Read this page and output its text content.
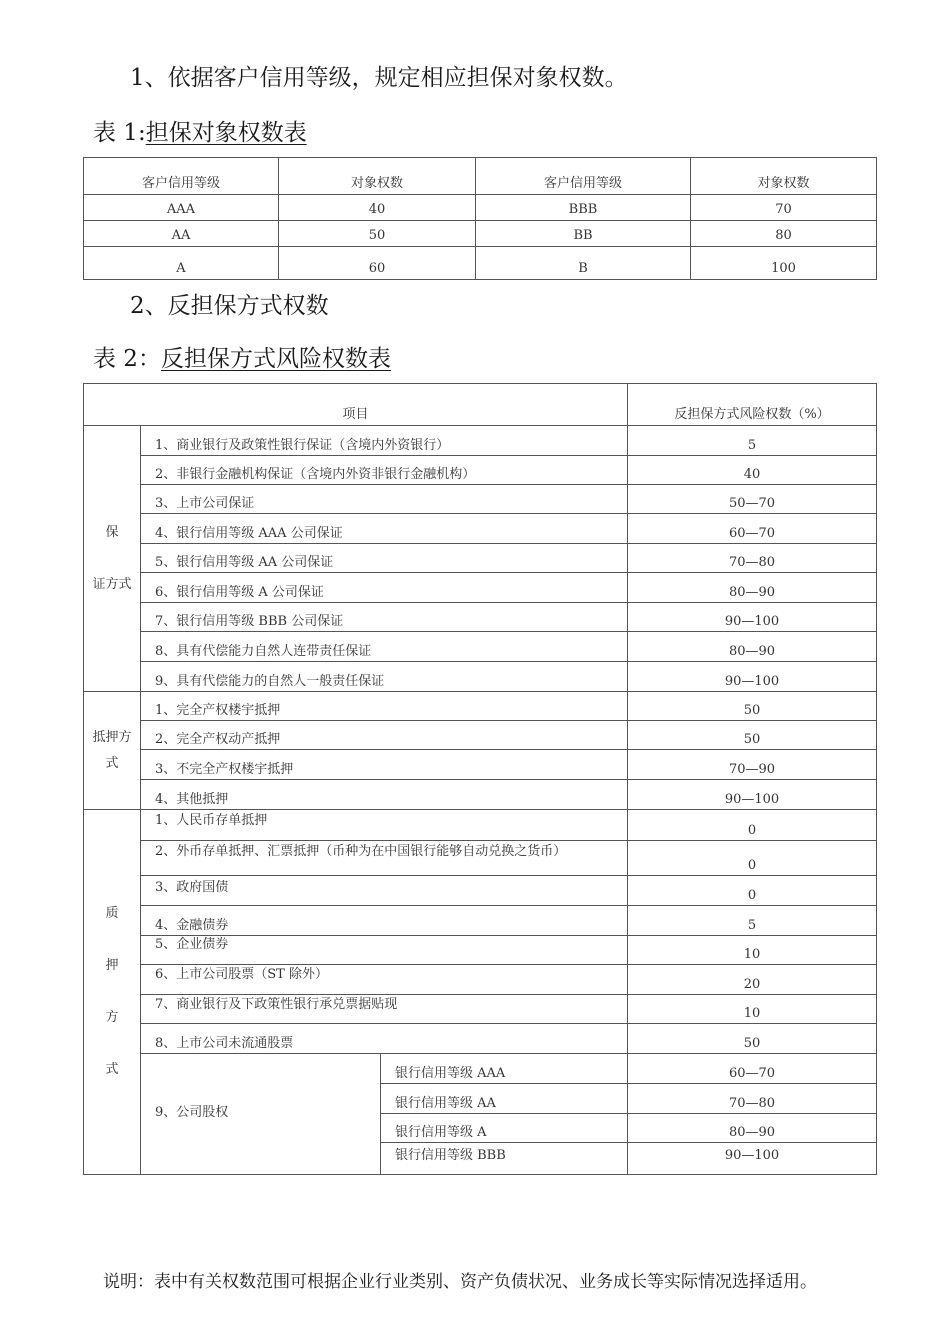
1、依据客户信用等级，规定相应担保对象权数。
表 1:担保对象权数表
客户信用等级	对象权数	客户信用等级	对象权数
AAA	40	BBB	70
AA	50	BB	80
A	60	B	100
2、反担保方式权数
表 2：反担保方式风险权数表
项目			反担保方式风险权数（%）
保

证方式	1、商业银行及政策性银行保证（含境内外资银行）		5
	2、非银行金融机构保证（含境内外资非银行金融机构）		40
	3、上市公司保证		50—70
	4、银行信用等级 AAA 公司保证		60—70
	5、银行信用等级 AA 公司保证		70—80
	6、银行信用等级 A 公司保证		80—90
	7、银行信用等级 BBB 公司保证		90—100
	8、具有代偿能力自然人连带责任保证		80—90
	9、具有代偿能力的自然人一般责任保证		90—100
抵押方
式	1、完全产权楼宇抵押		50
	2、完全产权动产抵押		50
	3、不完全产权楼宇抵押		70—90
	4、其他抵押		90—100
质

押

方

式	1、人民币存单抵押		0
	2、外币存单抵押、汇票抵押（币种为在中国银行能够自动兑换之货币）		0
	3、政府国债		0
	4、金融债券		5
	5、企业债券		10
	6、上市公司股票（ST 除外）		20
	7、商业银行及下政策性银行承兑票据贴现		10
	8、上市公司未流通股票		50
	9、公司股权	银行信用等级 AAA	60—70
		银行信用等级 AA	70—80
		银行信用等级 A	80—90
		银行信用等级 BBB	90—100
说明：表中有关权数范围可根据企业行业类别、资产负债状况、业务成长等实际情况选择适用。
